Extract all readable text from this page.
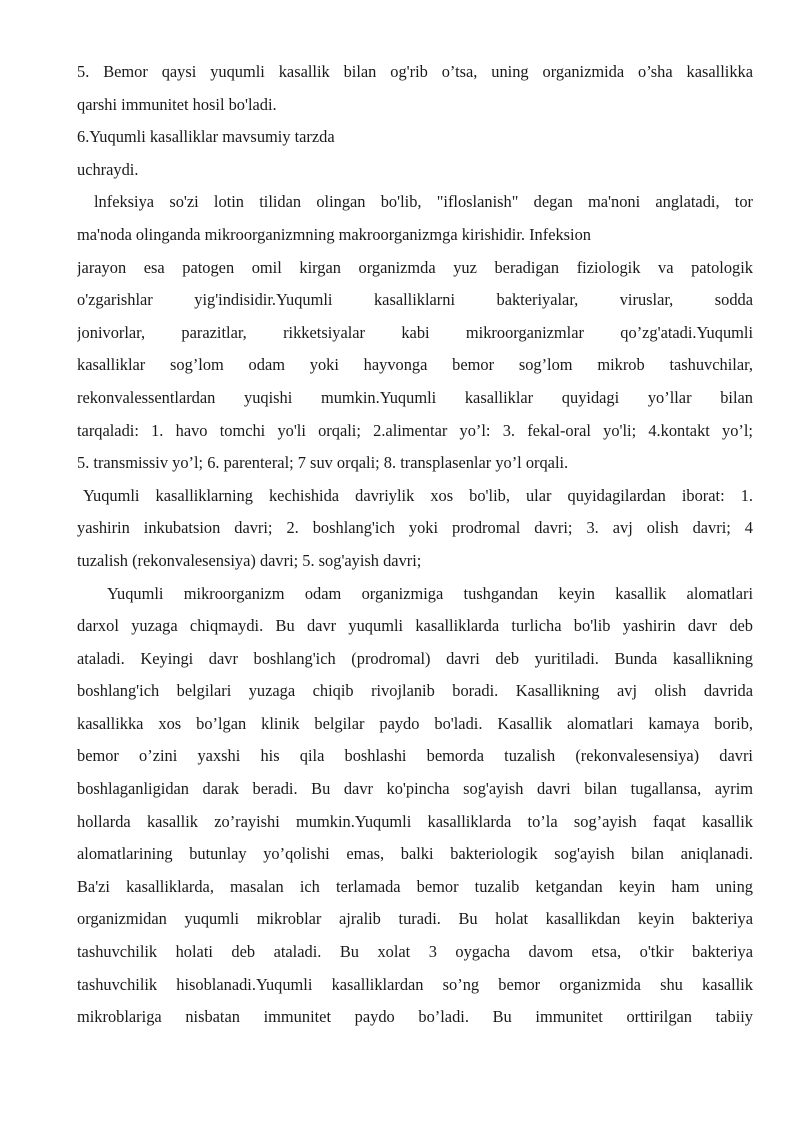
5. Bemor qaysi yuqumli kasallik bilan og'rib o’tsa, uning organizmida o’sha kasallikka
qarshi immunitet hosil bo'ladi.
6.Yuqumli kasalliklar mavsumiy tarzda
uchraydi.
lnfeksiya so'zi lotin tilidan olingan bo'lib, "ifloslanish" degan ma'noni anglatadi, tor
ma'noda olinganda mikroorganizmning makroorganizmga kirishidir. Infeksion
jarayon esa patogen omil kirgan organizmda yuz beradigan fiziologik va patologik
o'zgarishlar yig'indisidir.Yuqumli kasalliklarni bakteriyalar, viruslar, sodda
jonivorlar, parazitlar, rikketsiyalar kabi mikroorganizmlar qo’zg'atadi.Yuqumli
kasalliklar sog’lom odam yoki hayvonga bemor sog’lom mikrob tashuvchilar,
rekonvalessentlardan yuqishi mumkin.Yuqumli kasalliklar quyidagi yo’llar bilan
tarqaladi: 1. havo tomchi yo'li orqali; 2.alimentar yo’l: 3. fekal-oral yo'li; 4.kontakt yo’l;
5. transmissiv yo’l; 6. parenteral; 7 suv orqali; 8. transplasenlar yo’l orqali.
Yuqumli kasalliklarning kechishida davriylik xos bo'lib, ular quyidagilardan iborat: 1.
yashirin inkubatsion davri; 2. boshlang'ich yoki prodromal davri; 3. avj olish davri; 4
tuzalish (rekonvalesensiya) davri; 5. sog'ayish davri;
Yuqumli mikroorganizm odam organizmiga tushgandan keyin kasallik alomatlari
darxol yuzaga chiqmaydi. Bu davr yuqumli kasalliklarda turlicha bo'lib yashirin davr deb
ataladi. Keyingi davr boshlang'ich (prodromal) davri deb yuritiladi. Bunda kasallikning
boshlang'ich belgilari yuzaga chiqib rivojlanib boradi. Kasallikning avj olish davrida
kasallikka xos bo’lgan klinik belgilar paydo bo'ladi. Kasallik alomatlari kamaya borib,
bemor o’zini yaxshi his qila boshlashi bemorda tuzalish (rekonvalesensiya) davri
boshlaganligidan darak beradi. Bu davr ko'pincha sog'ayish davri bilan tugallansa, ayrim
hollarda kasallik zo’rayishi mumkin.Yuqumli kasalliklarda to’la sog’ayish faqat kasallik
alomatlarining butunlay yo’qolishi emas, balki bakteriologik sog'ayish bilan aniqlanadi.
Ba'zi kasalliklarda, masalan ich terlamada bemor tuzalib ketgandan keyin ham uning
organizmidan yuqumli mikroblar ajralib turadi. Bu holat kasallikdan keyin bakteriya
tashuvchilik holati deb ataladi. Bu xolat 3 oygacha davom etsa, o'tkir bakteriya
tashuvchilik hisoblanadi.Yuqumli kasalliklardan so’ng bemor organizmida shu kasallik
mikroblariga nisbatan immunitet paydo bo’ladi. Bu immunitet orttirilgan tabiiy
